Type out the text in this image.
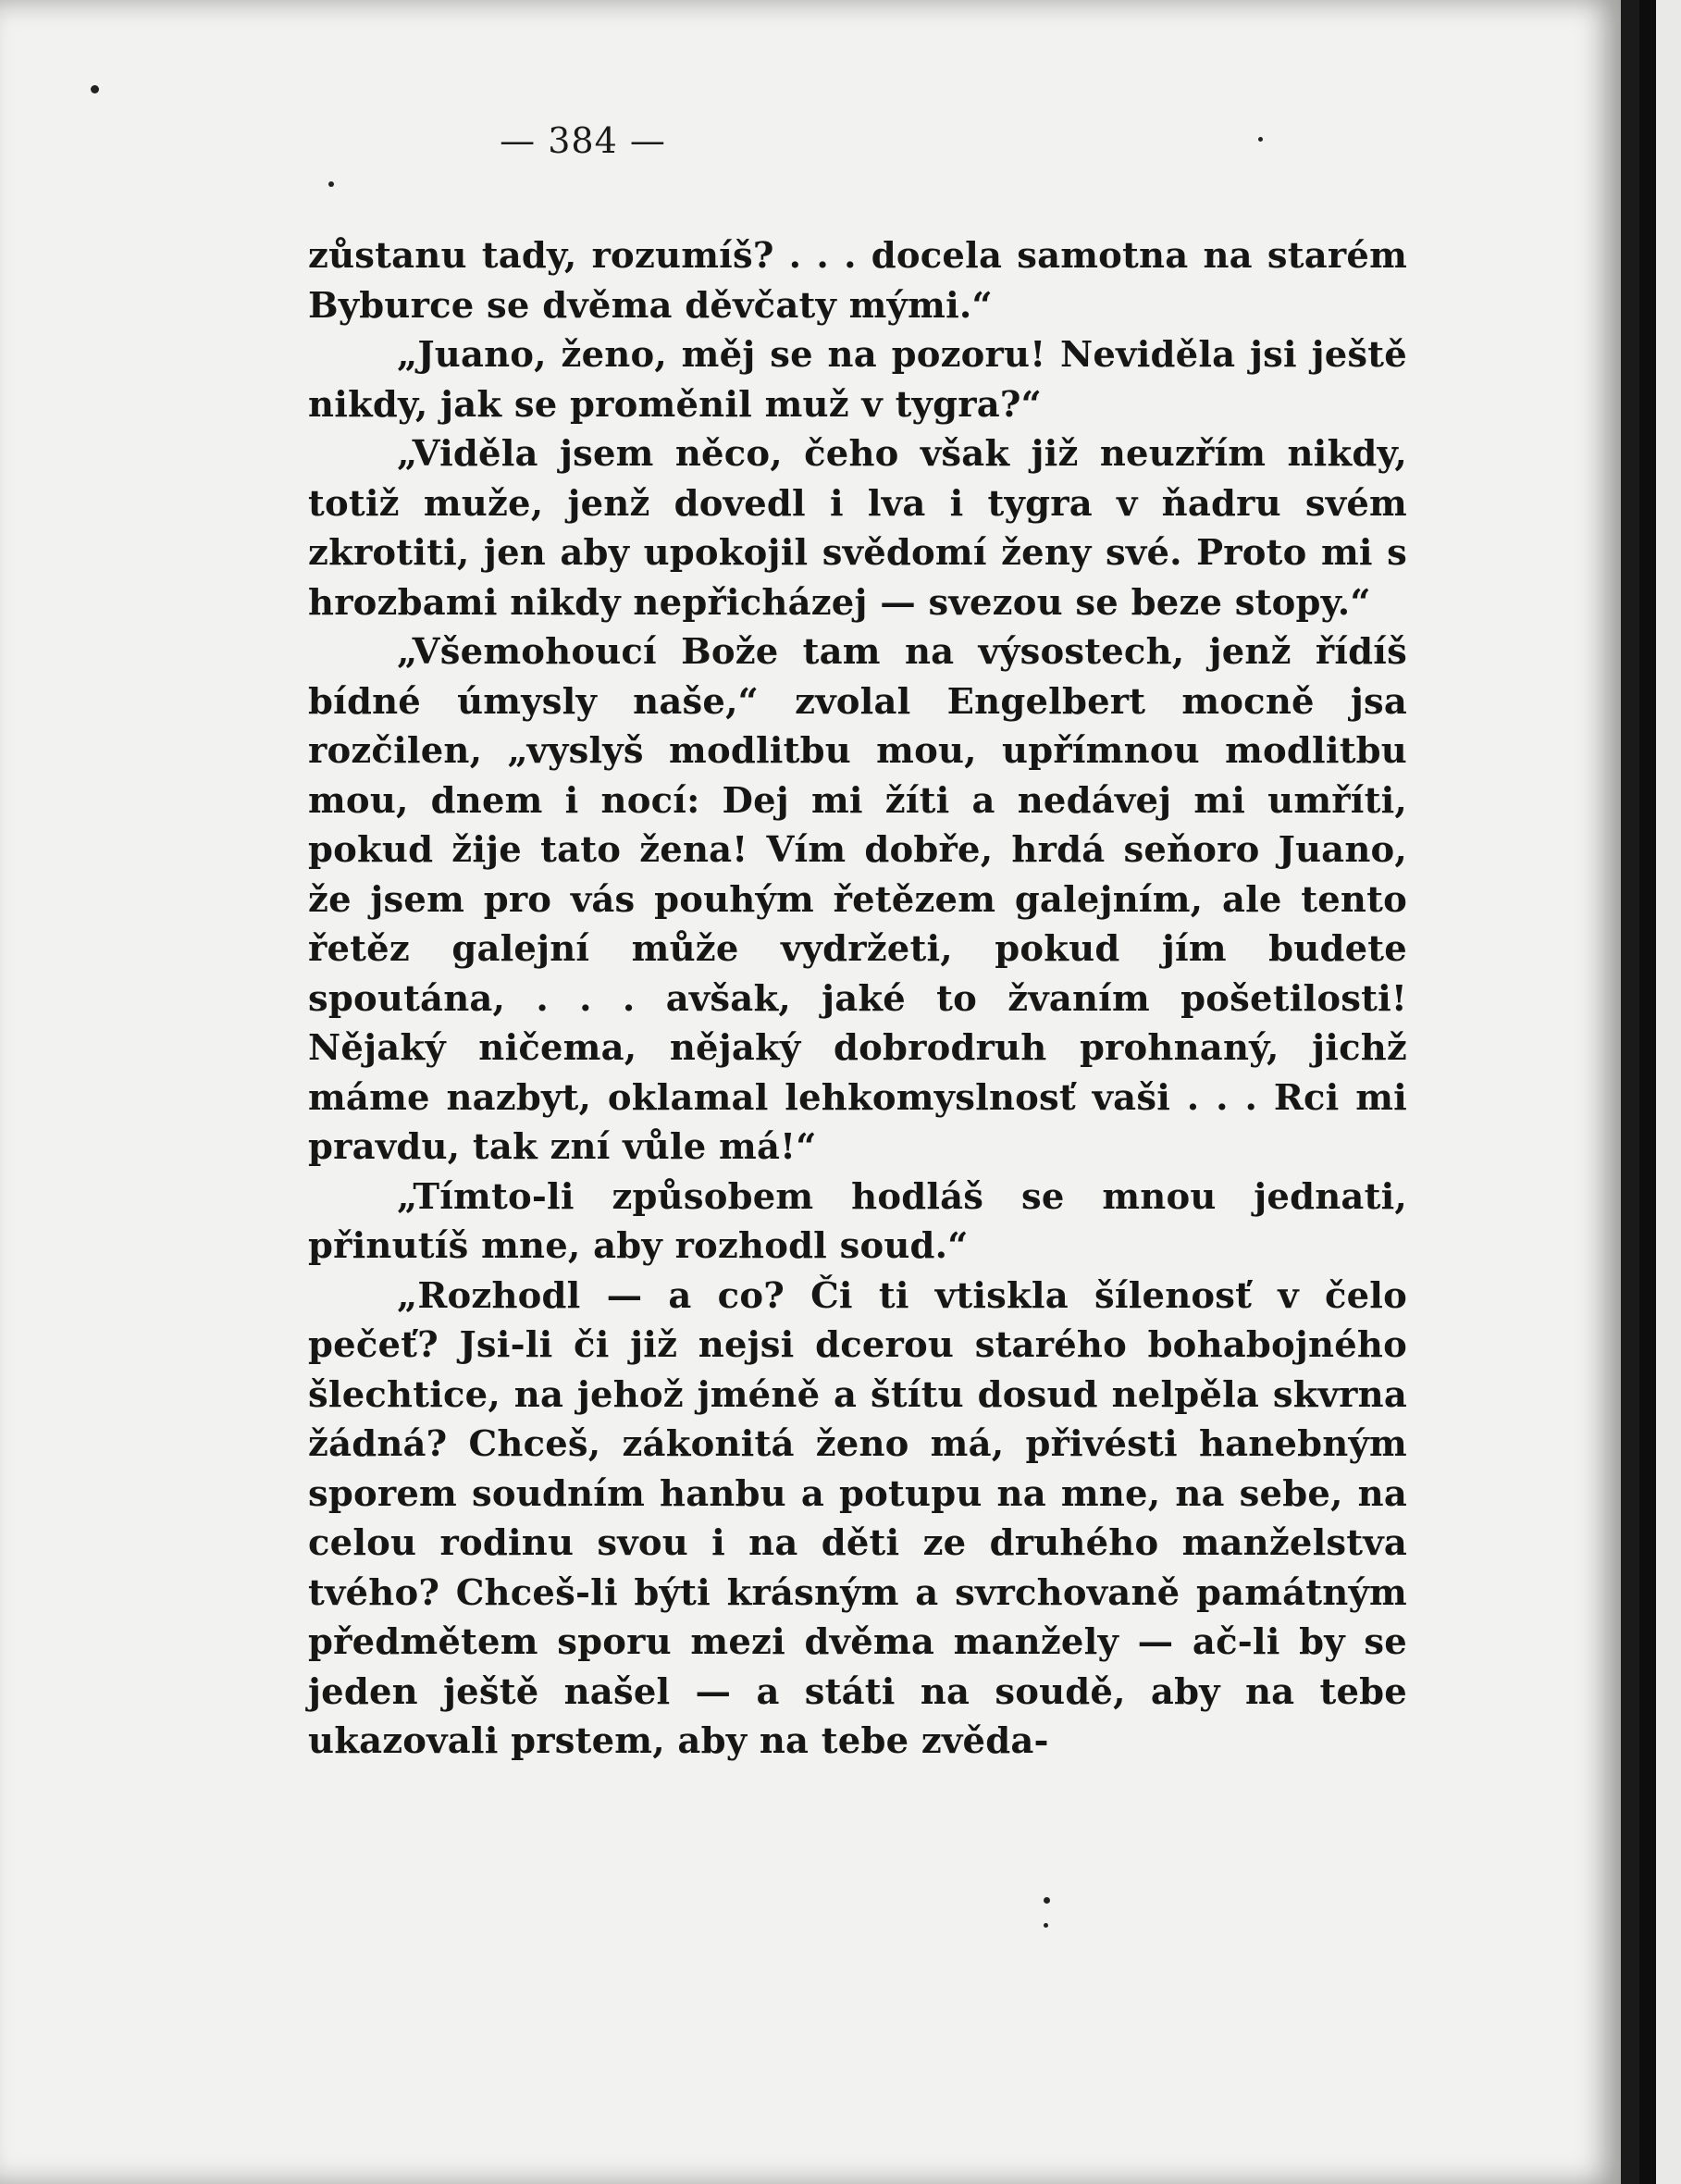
— 384 —

zůstanu tady, rozumíš? . . . docela samotna na starém Byburce se dvěma děvčaty mými.“

„Juano, ženo, měj se na pozoru! Neviděla jsi ještě nikdy, jak se proměnil muž v tygra?“

„Viděla jsem něco, čeho však již neuzřím nikdy, totiž muže, jenž dovedl i lva i tygra v ňadru svém zkrotiti, jen aby upokojil svědomí ženy své. Proto mi s hrozbami nikdy nepřicházej — svezou se beze stopy.“

„Všemohoucí Bože tam na výsostech, jenž řídíš bídné úmysly naše,“ zvolal Engelbert mocně jsa rozčilen, „vyslyš modlitbu mou, upřímnou modlitbu mou, dnem i nocí: Dej mi žíti a nedávej mi umříti, pokud žije tato žena! Vím dobře, hrdá seňoro Juano, že jsem pro vás pouhým řetězem galejním, ale tento řetěz galejní může vydržeti, pokud jím budete spoutána, . . . avšak, jaké to žvaním pošetilosti! Nějaký ničema, nějaký dobrodruh prohnaný, jichž máme nazbyt, oklamal lehkomyslnosť vaši . . . Rci mi pravdu, tak zní vůle má!“

„Tímto-li způsobem hodláš se mnou jednati, přinutíš mne, aby rozhodl soud.“

„Rozhodl — a co? Či ti vtiskla šílenosť v čelo pečeť? Jsi-li či již nejsi dcerou starého bohabojného šlechtice, na jehož jméně a štítu dosud nelpěla skvrna žádná? Chceš, zákonitá ženo má, přivésti hanebným sporem soudním hanbu a potupu na mne, na sebe, na celou rodinu svou i na děti ze druhého manželstva tvého? Chceš-li býti krásným a svrchovaně památným předmětem sporu mezi dvěma manžely — ač-li by se jeden ještě našel — a státi na soudě, aby na tebe ukazovali prstem, aby na tebe zvěda-
